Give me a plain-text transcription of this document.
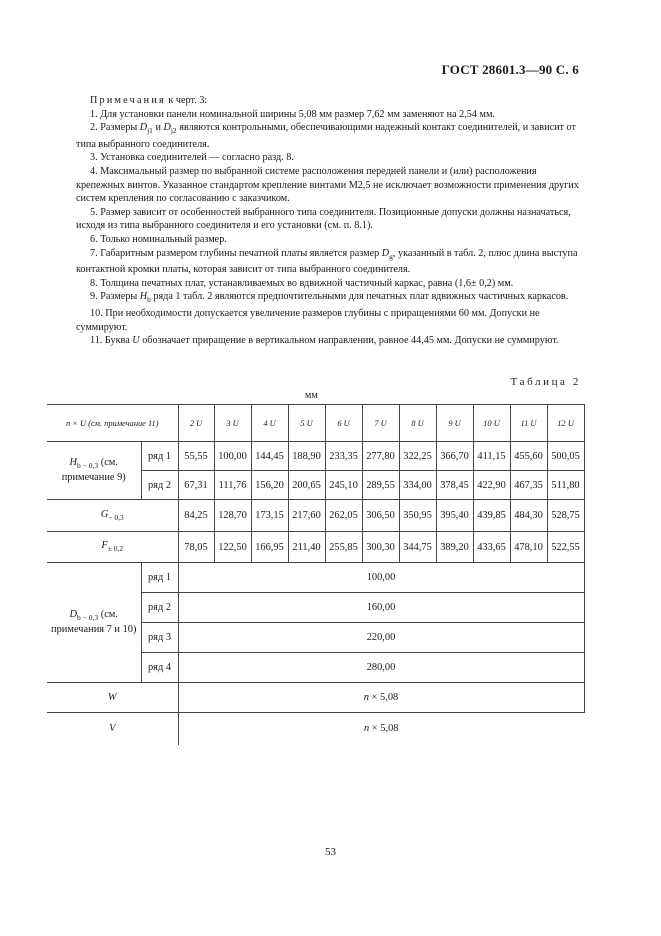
ГОСТ 28601.3—90 С. 6

Примечания к черт. 3:

1. Для установки панели номинальной ширины 5,08 мм размер 7,62 мм заменяют на 2,54 мм.

2. Размеры $D_{j1}$ и $D_{j2}$ являются контрольными, обеспечивающими надежный контакт соединителей, и зависит от типа выбранного соединителя.

3. Установка соединителей — согласно разд. 8.

4. Максимальный размер по выбранной системе расположения передней панели и (или) расположения крепежных винтов. Указанное стандартом крепление винтами М2,5 не исключает возможности применения других систем крепления по согласованию с заказчиком.

5. Размер зависит от особенностей выбранного типа соединителя. Позиционные допуски должны назначаться, исходя из типа выбранного соединителя и его установки (см. п. 8.1).

6. Только номинальный размер.

7. Габаритным размером глубины печатной платы является размер $D_g$, указанный в табл. 2, плюс длина выступа контактной кромки платы, которая зависит от типа выбранного соединителя.

8. Толщина печатных плат, устанавливаемых во вдвижной частичный каркас, равна (1,6± 0,2) мм.

9. Размеры $H_b$ ряда 1 табл. 2 являются предпочтительными для печатных плат вдвижных частичных каркасов.

10. При необходимости допускается увеличение размеров глубины с приращениями 60 мм. Допуски не суммируют.

11. Буква U обозначает приращение в вертикальном направлении, равное 44,45 мм. Допуски не суммируют.

Таблица 2
мм
n × U (см. примечание 11)		2 U	3 U	4 U	5 U	6 U	7 U	8 U	9 U	10 U	11 U	12 U
$H_{b - 0,3}$ (см. примечание 9)	ряд 1	55,55	100,00	144,45	188,90	233,35	277,80	322,25	366,70	411,15	455,60	500,05
	ряд 2	67,31	111,76	156,20	200,65	245,10	289,55	334,00	378,45	422,90	467,35	511,80
$G_{- 0,3}$		84,25	128,70	173,15	217,60	262,05	306,50	350,95	395,40	439,85	484,30	528,75
$F_{\pm 0,2}$		78,05	122,50	166,95	211,40	255,85	300,30	344,75	389,20	433,65	478,10	522,55
$D_{b - 0,3}$ (см. примечания 7 и 10)	ряд 1	100,00										
	ряд 2	160,00										
	ряд 3	220,00										
	ряд 4	280,00										
W		n × 5,08										
V		n × 5,08										
53
